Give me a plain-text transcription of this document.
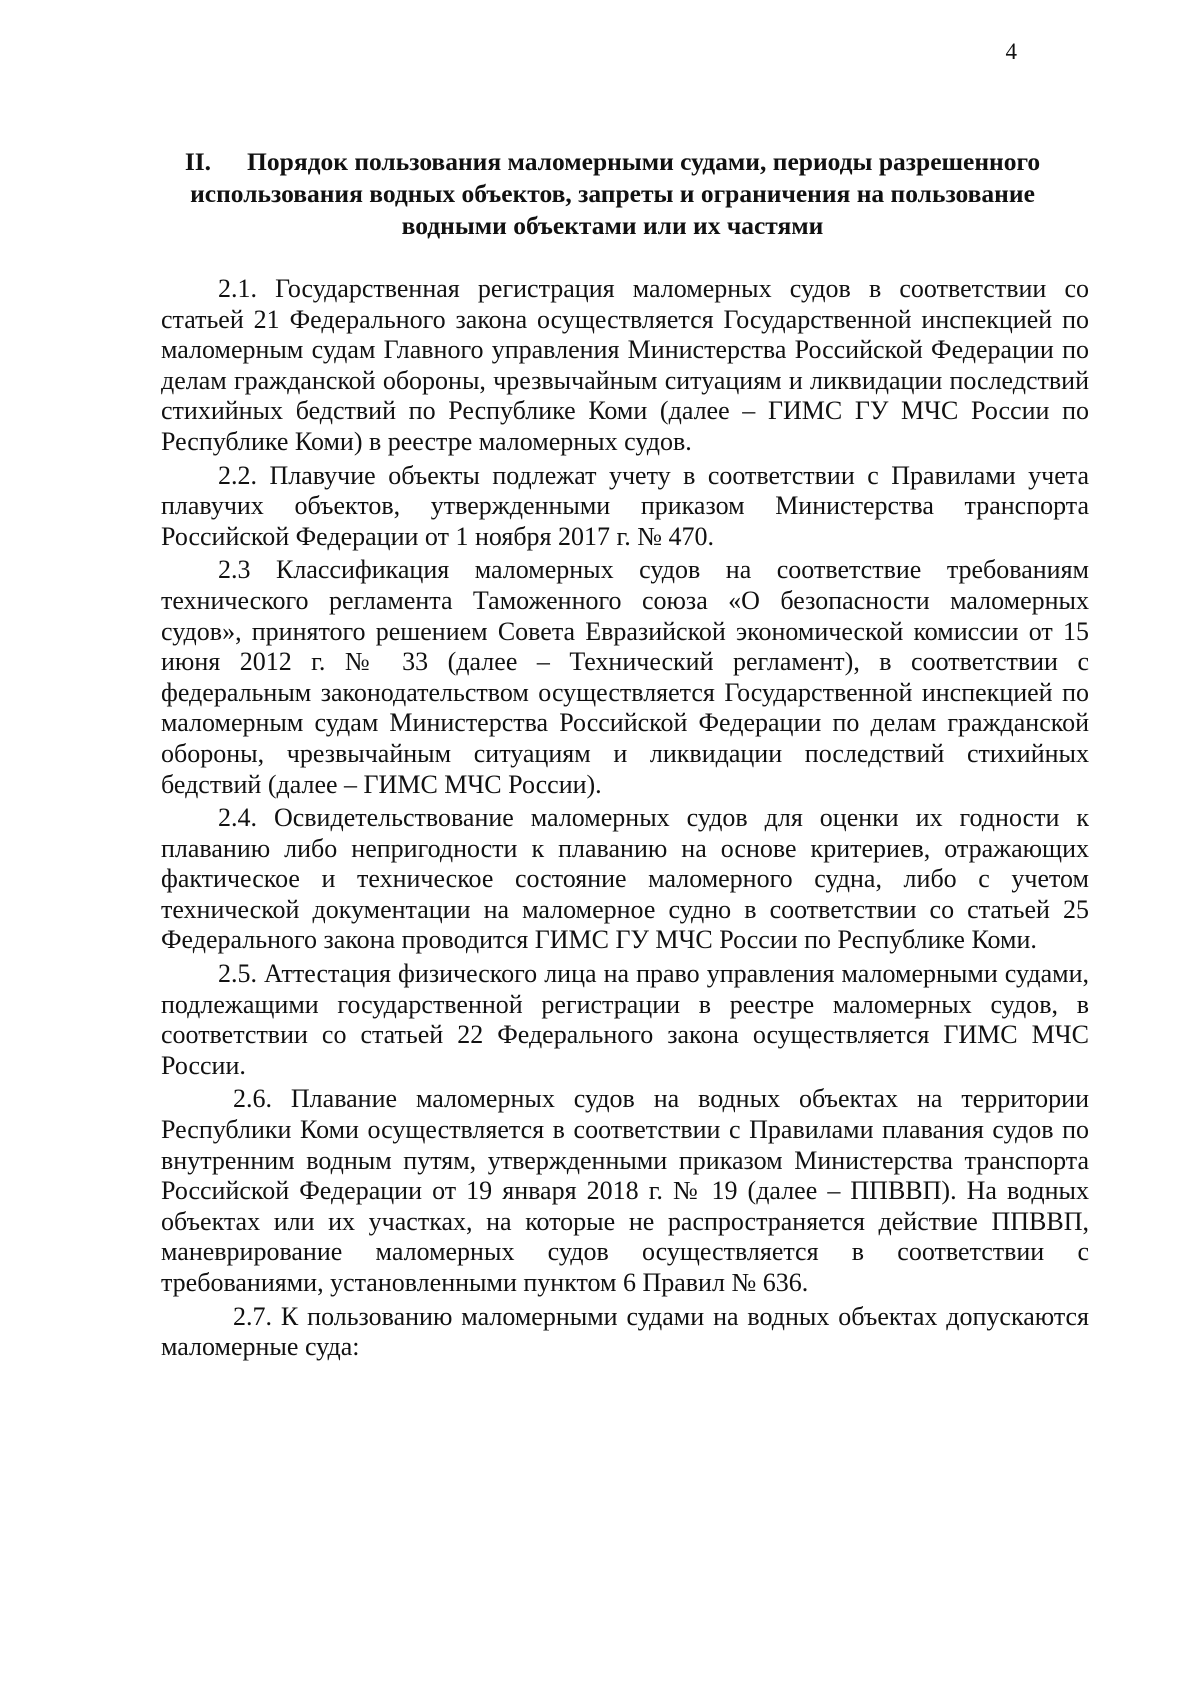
4
II. Порядок пользования маломерными судами, периоды разрешенного использования водных объектов, запреты и ограничения на пользование водными объектами или их частями

2.1. Государственная регистрация маломерных судов в соответствии со статьей 21 Федерального закона осуществляется Государственной инспекцией по маломерным судам Главного управления Министерства Российской Федерации по делам гражданской обороны, чрезвычайным ситуациям и ликвидации последствий стихийных бедствий по Республике Коми (далее – ГИМС ГУ МЧС России по Республике Коми) в реестре маломерных судов.

2.2. Плавучие объекты подлежат учету в соответствии с Правилами учета плавучих объектов, утвержденными приказом Министерства транспорта Российской Федерации от 1 ноября 2017 г. № 470.

2.3 Классификация маломерных судов на соответствие требованиям технического регламента Таможенного союза «О безопасности маломерных судов», принятого решением Совета Евразийской экономической комиссии от 15 июня 2012 г. № 33 (далее – Технический регламент), в соответствии с федеральным законодательством осуществляется Государственной инспекцией по маломерным судам Министерства Российской Федерации по делам гражданской обороны, чрезвычайным ситуациям и ликвидации последствий стихийных бедствий (далее – ГИМС МЧС России).

2.4. Освидетельствование маломерных судов для оценки их годности к плаванию либо непригодности к плаванию на основе критериев, отражающих фактическое и техническое состояние маломерного судна, либо с учетом технической документации на маломерное судно в соответствии со статьей 25 Федерального закона проводится ГИМС ГУ МЧС России по Республике Коми.

2.5. Аттестация физического лица на право управления маломерными судами, подлежащими государственной регистрации в реестре маломерных судов, в соответствии со статьей 22 Федерального закона осуществляется ГИМС МЧС России.

2.6. Плавание маломерных судов на водных объектах на территории Республики Коми осуществляется в соответствии с Правилами плавания судов по внутренним водным путям, утвержденными приказом Министерства транспорта Российской Федерации от 19 января 2018 г. № 19 (далее – ППВВП). На водных объектах или их участках, на которые не распространяется действие ППВВП, маневрирование маломерных судов осуществляется в соответствии с требованиями, установленными пунктом 6 Правил № 636.

2.7. К пользованию маломерными судами на водных объектах допускаются маломерные суда:
